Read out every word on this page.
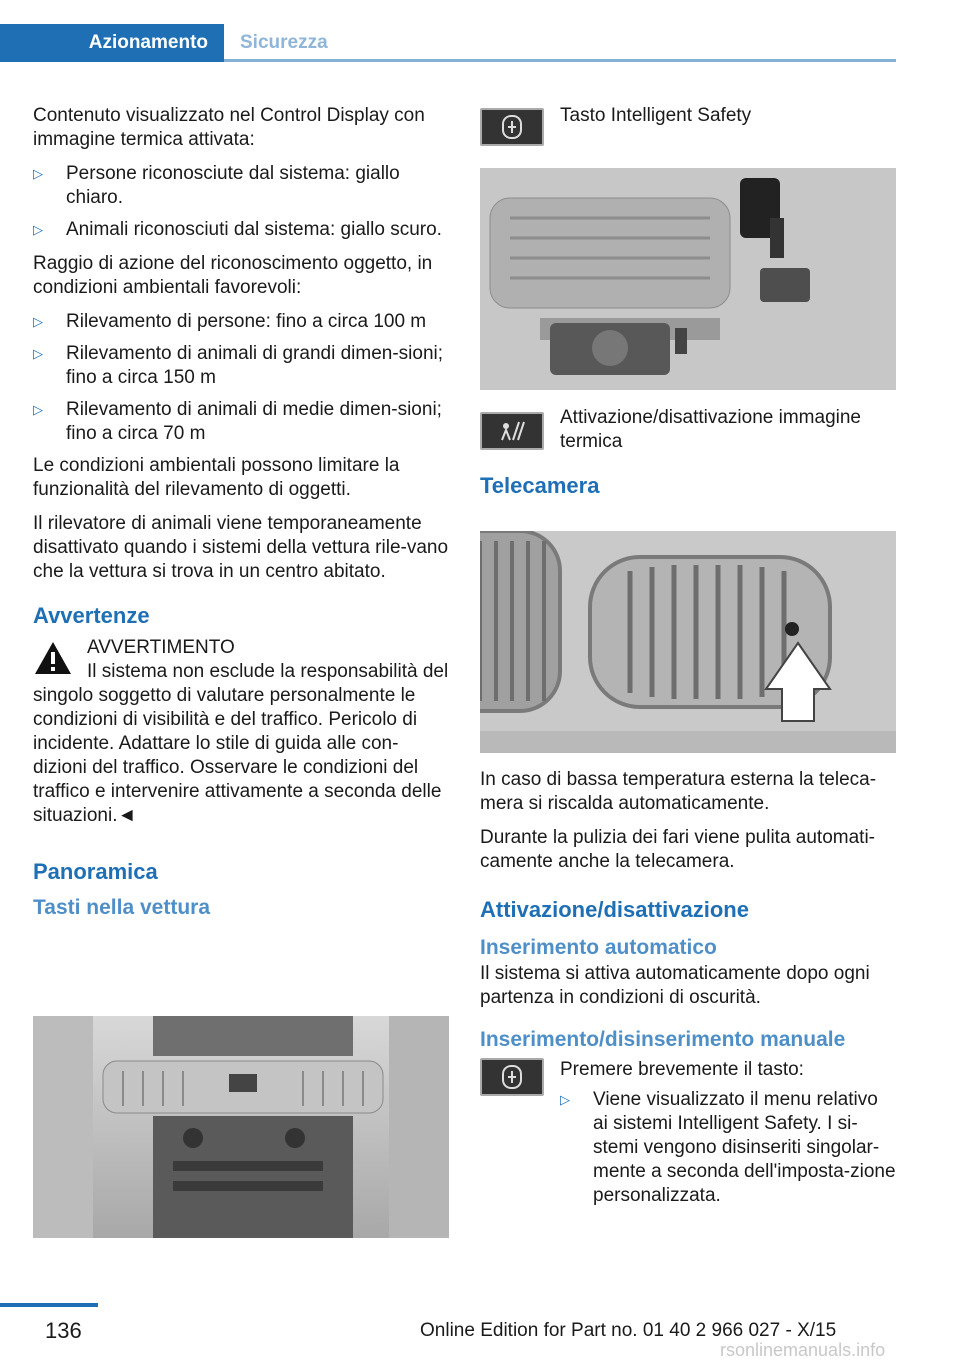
Azionamento	Sicurezza

Contenuto visualizzato nel Control Display con immagine termica attivata:

▷ Persone riconosciute dal sistema: giallo chiaro.
▷ Animali riconosciuti dal sistema: giallo scuro.

Raggio di azione del riconoscimento oggetto, in condizioni ambientali favorevoli:

▷ Rilevamento di persone: fino a circa 100 m
▷ Rilevamento di animali di grandi dimen-sioni; fino a circa 150 m
▷ Rilevamento di animali di medie dimen-sioni; fino a circa 70 m

Le condizioni ambientali possono limitare la funzionalità del rilevamento di oggetti.

Il rilevatore di animali viene temporaneamente disattivato quando i sistemi della vettura rile-vano che la vettura si trova in un centro abitato.

Avvertenze
AVVERTIMENTO
Il sistema non esclude la responsabilità del singolo soggetto di valutare personalmente le condizioni di visibilità e del traffico. Pericolo di incidente. Adattare lo stile di guida alle con-dizioni del traffico. Osservare le condizioni del traffico e intervenire attivamente a seconda delle situazioni.◄
Panoramica
Tasti nella vettura
Tasto Intelligent Safety
Attivazione/disattivazione immagine termica
Telecamera

In caso di bassa temperatura esterna la teleca-mera si riscalda automaticamente.

Durante la pulizia dei fari viene pulita automati-camente anche la telecamera.

Attivazione/disattivazione
Inserimento automatico

Il sistema si attiva automaticamente dopo ogni partenza in condizioni di oscurità.

Inserimento/disinserimento manuale

Premere brevemente il tasto:

▷ Viene visualizzato il menu relativo ai sistemi Intelligent Safety. I si-stemi vengono disinseriti singolar-mente a seconda dell'imposta-zione personalizzata.
136	Online Edition for Part no. 01 40 2 966 027 - X/15
rsonlinemanuals.info
